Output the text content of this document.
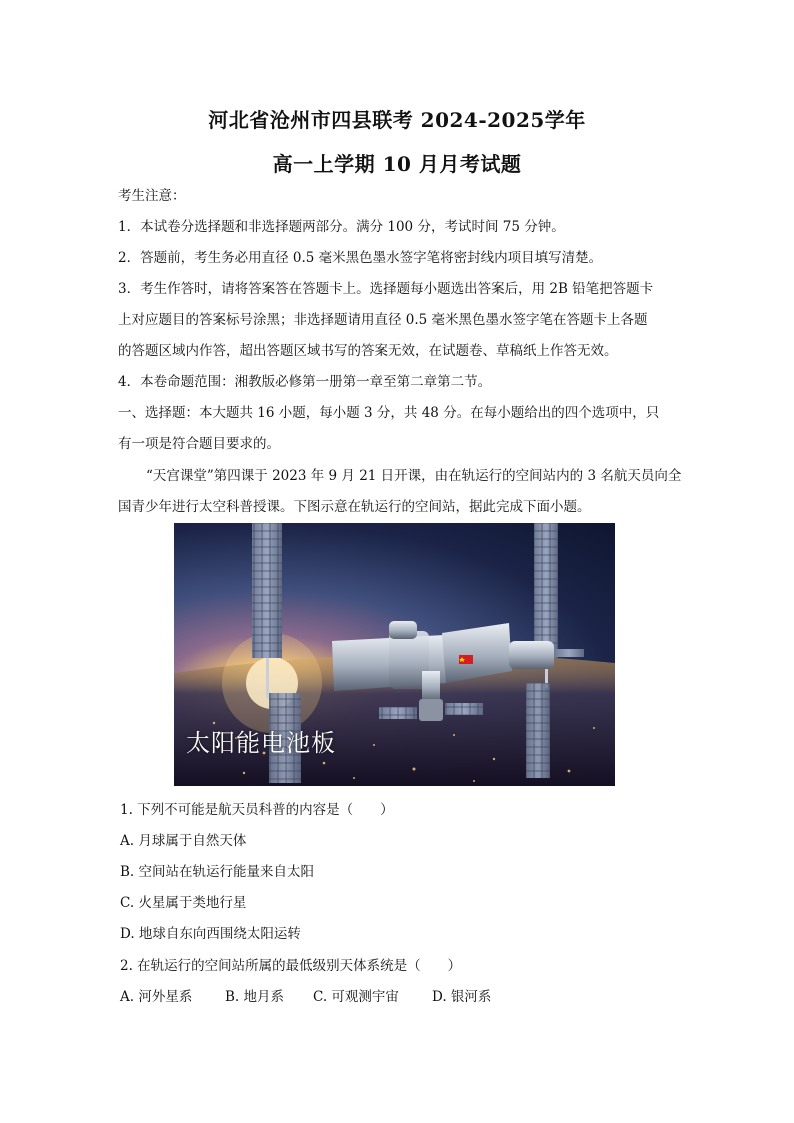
河北省沧州市四县联考 2024-2025学年
高一上学期 10 月月考试题
考生注意：
1．本试卷分选择题和非选择题两部分。满分 100 分，考试时间 75 分钟。
2．答题前，考生务必用直径 0.5 毫米黑色墨水签字笔将密封线内项目填写清楚。
3．考生作答时，请将答案答在答题卡上。选择题每小题选出答案后，用 2B 铅笔把答题卡
上对应题目的答案标号涂黑；非选择题请用直径 0.5 毫米黑色墨水签字笔在答题卡上各题
的答题区域内作答，超出答题区域书写的答案无效，在试题卷、草稿纸上作答无效。
4．本卷命题范围：湘教版必修第一册第一章至第二章第二节。
一、选择题：本大题共 16 小题，每小题 3 分，共 48 分。在每小题给出的四个选项中，只
有一项是符合题目要求的。
“天宫课堂”第四课于 2023 年 9 月 21 日开课，由在轨运行的空间站内的 3 名航天员向全
国青少年进行太空科普授课。下图示意在轨运行的空间站，据此完成下面小题。
太阳能电池板
1. 下列不可能是航天员科普的内容是（　　）
A. 月球属于自然天体
B. 空间站在轨运行能量来自太阳
C. 火星属于类地行星
D. 地球自东向西围绕太阳运转
2. 在轨运行的空间站所属的最低级别天体系统是（　　）
A. 河外星系 B. 地月系 C. 可观测宇宙 D. 银河系
